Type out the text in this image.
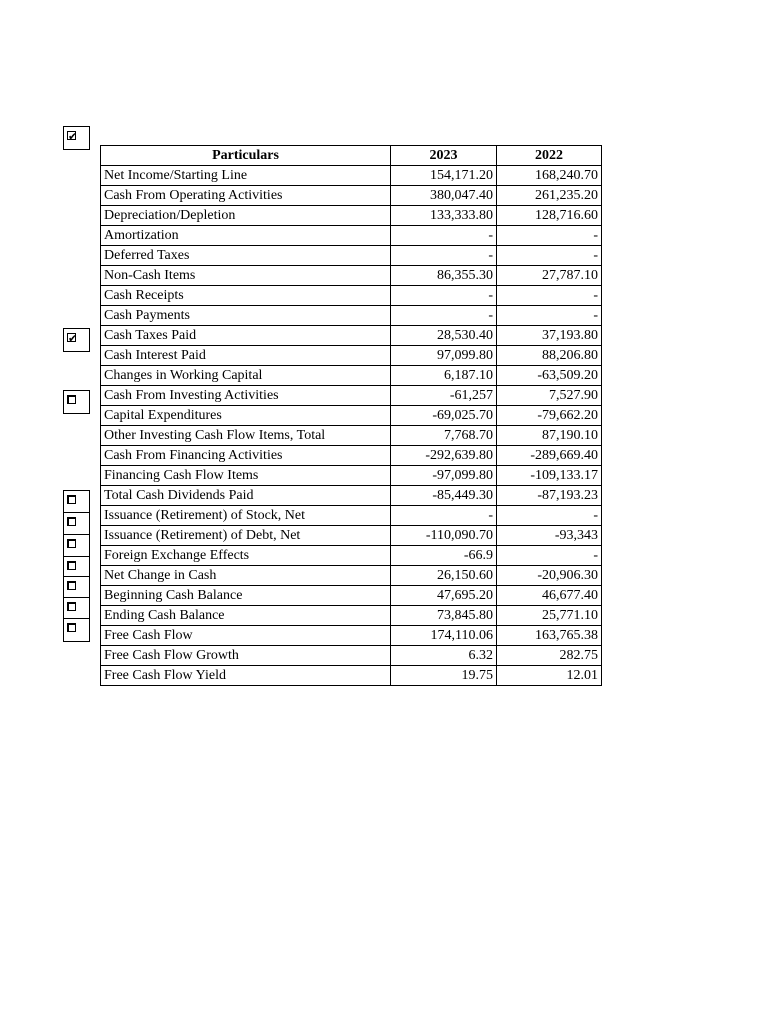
Particulars	2023	2022
Net Income/Starting Line	154,171.20	168,240.70
Cash From Operating Activities	380,047.40	261,235.20
Depreciation/Depletion	133,333.80	128,716.60
Amortization	-	-
Deferred Taxes	-	-
Non-Cash Items	86,355.30	27,787.10
Cash Receipts	-	-
Cash Payments	-	-
Cash Taxes Paid	28,530.40	37,193.80
Cash Interest Paid	97,099.80	88,206.80
Changes in Working Capital	6,187.10	-63,509.20
Cash From Investing Activities	-61,257	7,527.90
Capital Expenditures	-69,025.70	-79,662.20
Other Investing Cash Flow Items, Total	7,768.70	87,190.10
Cash From Financing Activities	-292,639.80	-289,669.40
Financing Cash Flow Items	-97,099.80	-109,133.17
Total Cash Dividends Paid	-85,449.30	-87,193.23
Issuance (Retirement) of Stock, Net	-	-
Issuance (Retirement) of Debt, Net	-110,090.70	-93,343
Foreign Exchange Effects	-66.9	-
Net Change in Cash	26,150.60	-20,906.30
Beginning Cash Balance	47,695.20	46,677.40
Ending Cash Balance	73,845.80	25,771.10
Free Cash Flow	174,110.06	163,765.38
Free Cash Flow Growth	6.32	282.75
Free Cash Flow Yield	19.75	12.01
✔
✔
